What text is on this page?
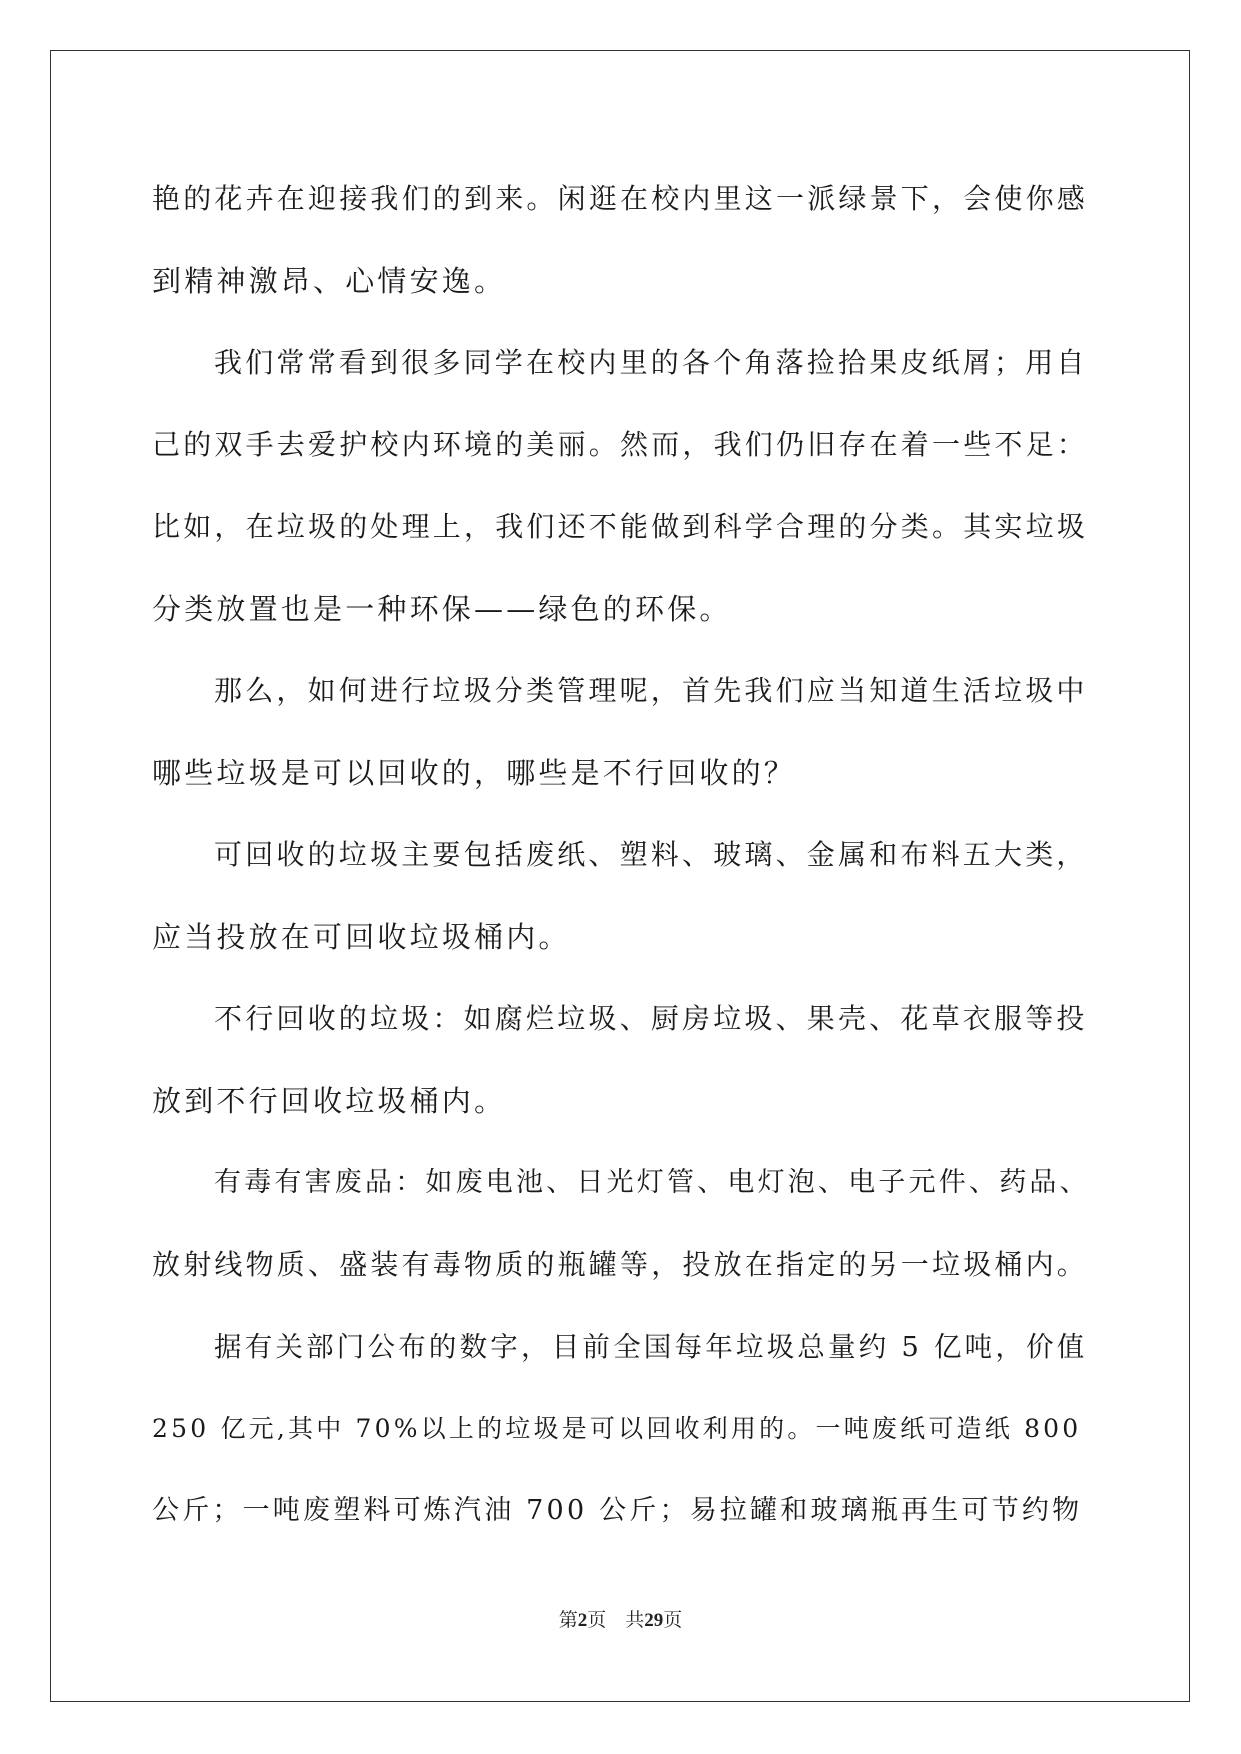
艳的花卉在迎接我们的到来。闲逛在校内里这一派绿景下，会使你感
到精神激昂、心情安逸。
我们常常看到很多同学在校内里的各个角落捡拾果皮纸屑；用自
己的双手去爱护校内环境的美丽。然而，我们仍旧存在着一些不足：
比如，在垃圾的处理上，我们还不能做到科学合理的分类。其实垃圾
分类放置也是一种环保——绿色的环保。
那么，如何进行垃圾分类管理呢，首先我们应当知道生活垃圾中
哪些垃圾是可以回收的，哪些是不行回收的？
可回收的垃圾主要包括废纸、塑料、玻璃、金属和布料五大类，
应当投放在可回收垃圾桶内。
不行回收的垃圾：如腐烂垃圾、厨房垃圾、果壳、花草衣服等投
放到不行回收垃圾桶内。
有毒有害废品：如废电池、日光灯管、电灯泡、电子元件、药品、
放射线物质、盛装有毒物质的瓶罐等，投放在指定的另一垃圾桶内。
据有关部门公布的数字，目前全国每年垃圾总量约 5 亿吨，价值
250 亿元,其中 70%以上的垃圾是可以回收利用的。一吨废纸可造纸 800
公斤；一吨废塑料可炼汽油 700 公斤；易拉罐和玻璃瓶再生可节约物
第2页 共29页
